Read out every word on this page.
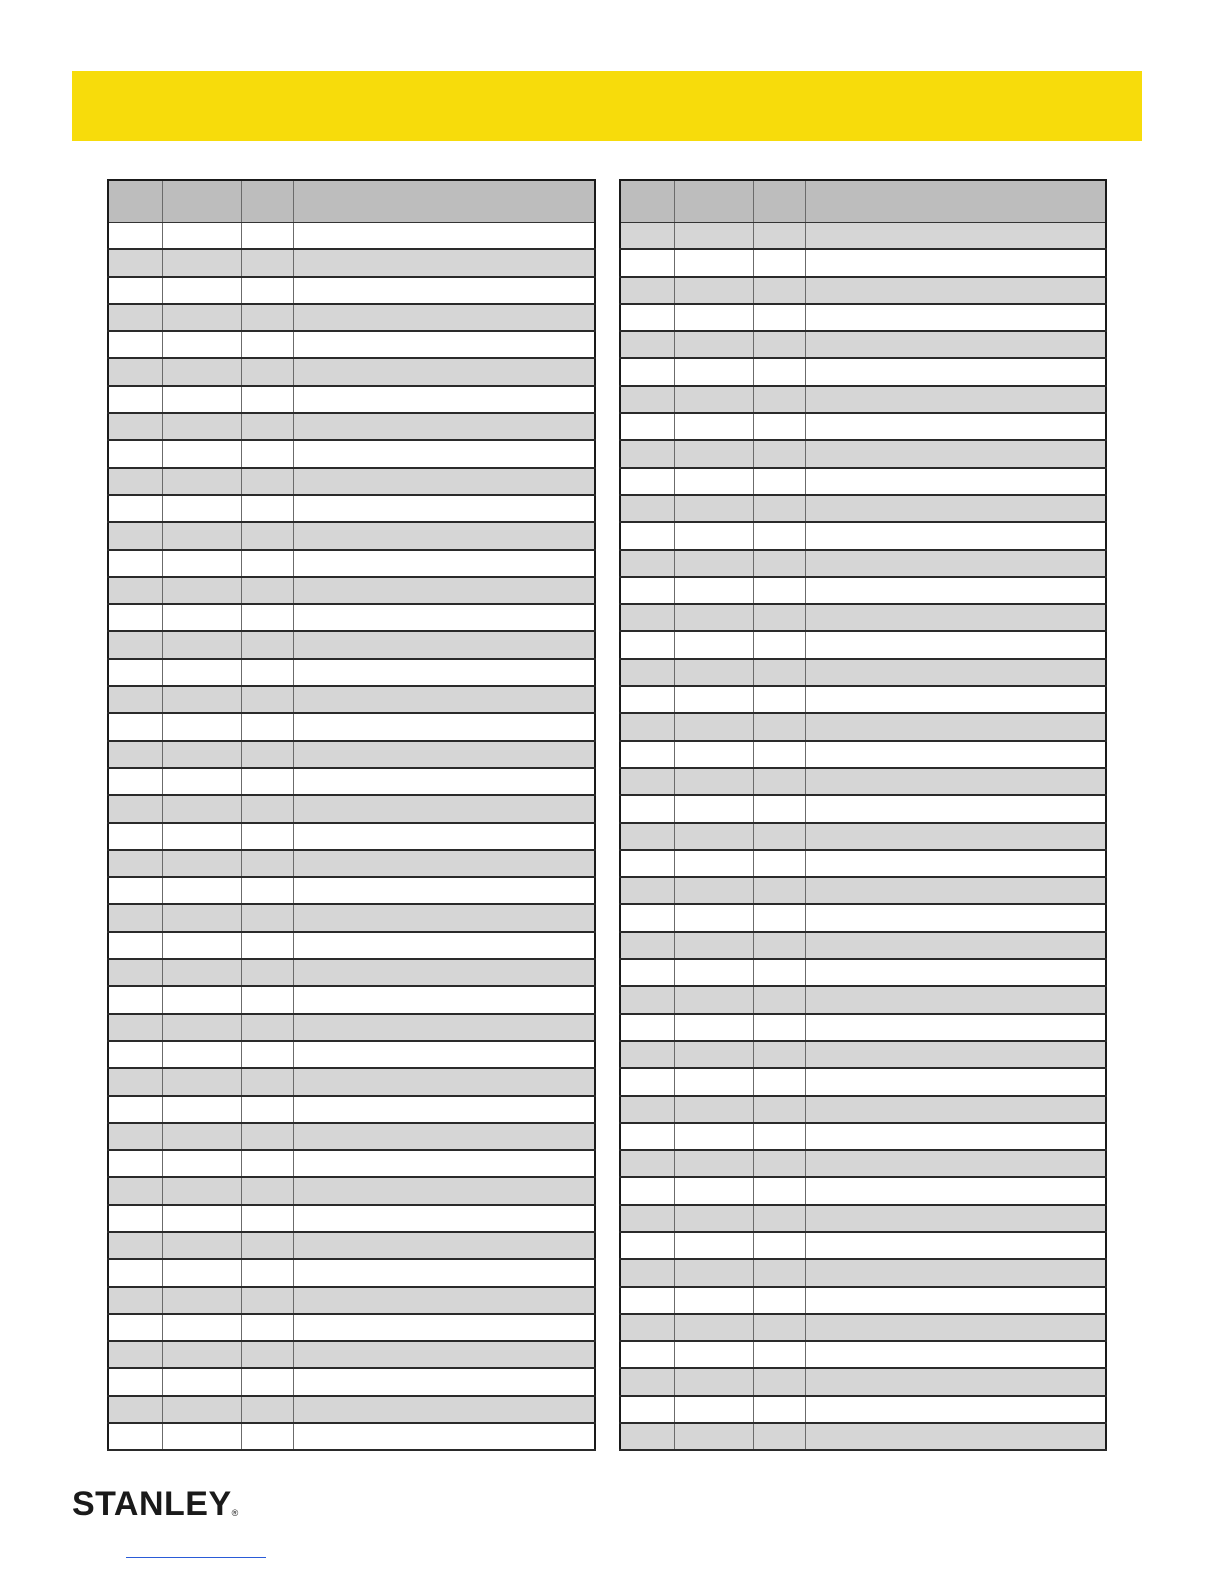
STANLEY®
